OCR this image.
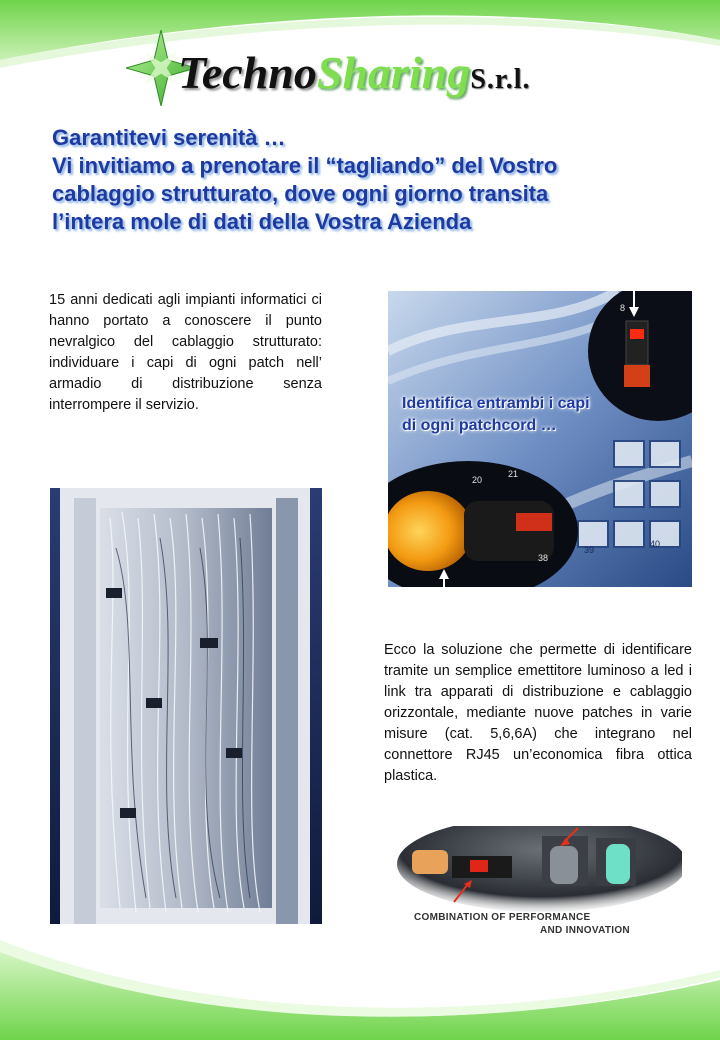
TechnoSharingS.r.l.

Garantitevi serenità …

Vi invitiamo a prenotare il “tagliando” del Vostro

cablaggio strutturato, dove ogni giorno transita

l’intera mole di dati della Vostra Azienda

15 anni dedicati agli impianti informatici ci hanno portato a conoscere il punto nevralgico del cablaggio strutturato: individuare i capi di ogni patch nell’ armadio di distribuzione senza interrompere il servizio.

8
20
21
40
39
38
Identifica entrambi i capi
di ogni patchcord …

Ecco la soluzione che permette di identificare tramite un semplice emettitore luminoso a led i link tra apparati di distribuzione e cablaggio orizzontale, mediante nuove patches in varie misure (cat. 5,6,6A) che integrano nel connettore RJ45 un’economica fibra ottica plastica.

COMBINATION OF PERFORMANCE
AND INNOVATION
